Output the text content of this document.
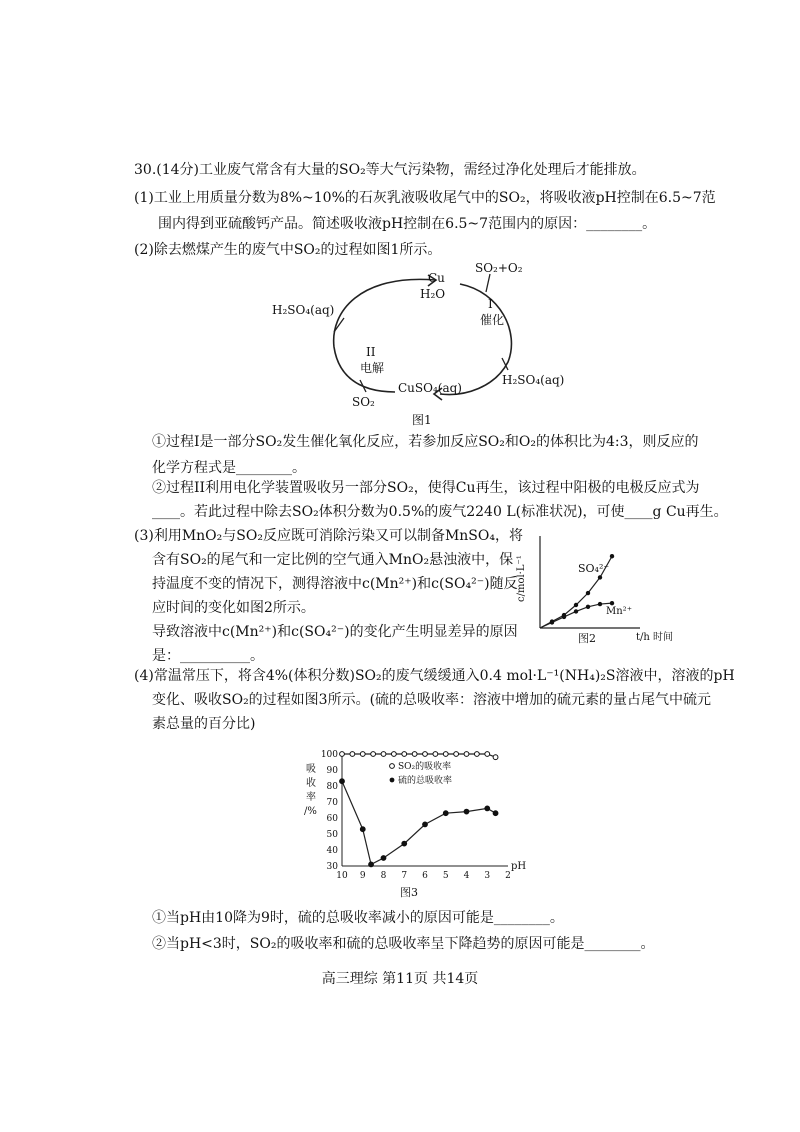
30.(14分)工业废气常含有大量的SO₂等大气污染物，需经过净化处理后才能排放。
(1)工业上用质量分数为8%~10%的石灰乳液吸收尾气中的SO₂，将吸收液pH控制在6.5~7范
围内得到亚硫酸钙产品。简述吸收液pH控制在6.5~7范围内的原因：________。
(2)除去燃煤产生的废气中SO₂的过程如图1所示。
Cu
H₂O
SO₂+O₂
I
催化
H₂SO₄(aq)
H₂SO₄(aq)
II
电解
CuSO₄(aq)
SO₂
图1
①过程I是一部分SO₂发生催化氧化反应，若参加反应SO₂和O₂的体积比为4:3，则反应的
化学方程式是________。
②过程II利用电化学装置吸收另一部分SO₂，使得Cu再生，该过程中阳极的电极反应式为
____。若此过程中除去SO₂体积分数为0.5%的废气2240 L(标准状况)，可使____g Cu再生。
(3)利用MnO₂与SO₂反应既可消除污染又可以制备MnSO₄，将
含有SO₂的尾气和一定比例的空气通入MnO₂悬浊液中，保
持温度不变的情况下，测得溶液中c(Mn²⁺)和c(SO₄²⁻)随反
应时间的变化如图2所示。
导致溶液中c(Mn²⁺)和c(SO₄²⁻)的变化产生明显差异的原因
是：__________。
c/mol·L⁻¹
t/h 时间
图2
SO₄²⁻
Mn²⁺
(4)常温常压下，将含4%(体积分数)SO₂的废气缓缓通入0.4 mol·L⁻¹(NH₄)₂S溶液中，溶液的pH
变化、吸收SO₂的过程如图3所示。(硫的总吸收率：溶液中增加的硫元素的量占尾气中硫元
素总量的百分比)
100
90
80
70
60
50
40
30
10 9 8 7 6 5 4 3 2
pH
吸
收
率
/%
SO₂的吸收率
硫的总吸收率
图3
①当pH由10降为9时，硫的总吸收率减小的原因可能是________。
②当pH<3时，SO₂的吸收率和硫的总吸收率呈下降趋势的原因可能是________。
高三理综 第11页 共14页
